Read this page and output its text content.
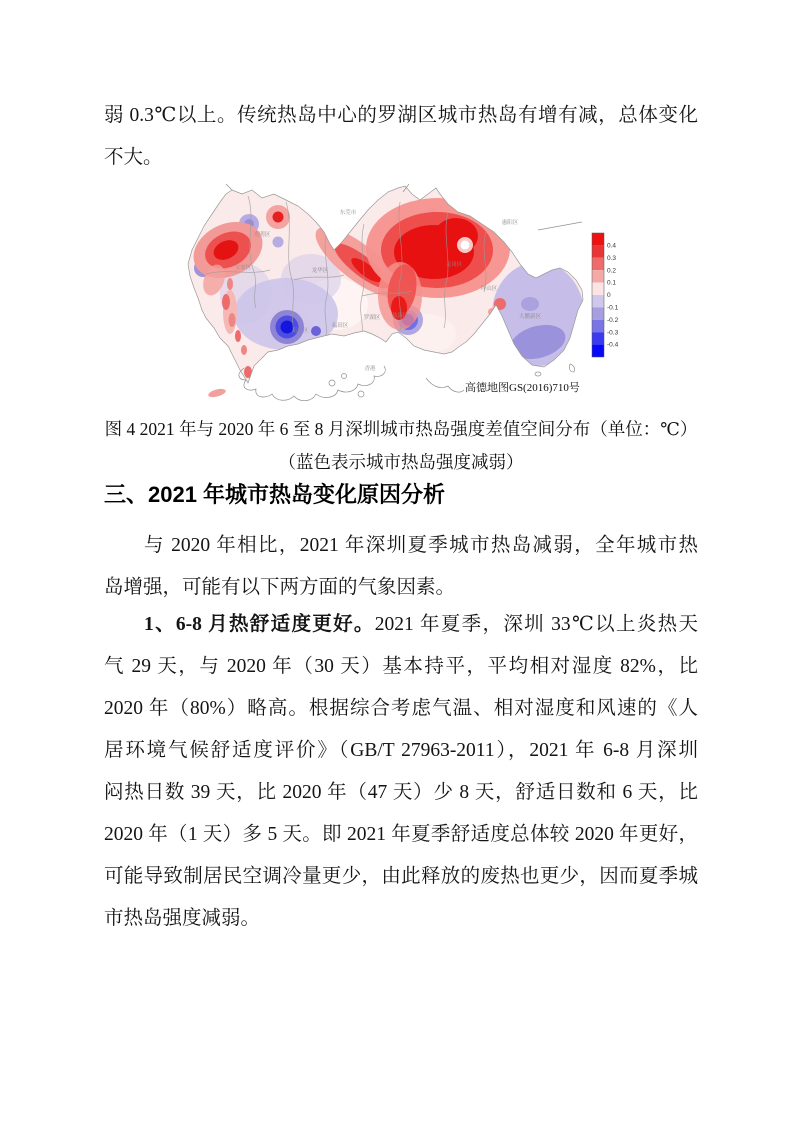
弱 0.3℃以上。传统热岛中心的罗湖区城市热岛有增有减，总体变化
不大。
东莞市
惠阳区
香港
宝安区
光明区
龙华区
龙岗区
坪山区
罗湖区
福田区
南山区
盐田区	大鹏新区
0.4
0.3
0.2
0.1
0
-0.1
-0.2
-0.3
-0.4
高德地图GS(2016)710号
图 4 2021 年与 2020 年 6 至 8 月深圳城市热岛强度差值空间分布（单位：℃）
（蓝色表示城市热岛强度减弱）
三、2021 年城市热岛变化原因分析
与 2020 年相比，2021 年深圳夏季城市热岛减弱，全年城市热
岛增强，可能有以下两方面的气象因素。
1、6-8 月热舒适度更好。2021 年夏季，深圳 33℃以上炎热天
气 29 天，与 2020 年（30 天）基本持平，平均相对湿度 82%，比
2020 年（80%）略高。根据综合考虑气温、相对湿度和风速的《人
居环境气候舒适度评价》（GB/T 27963-2011），2021 年 6-8 月深圳
闷热日数 39 天，比 2020 年（47 天）少 8 天，舒适日数和 6 天，比
2020 年（1 天）多 5 天。即 2021 年夏季舒适度总体较 2020 年更好，
可能导致制居民空调冷量更少，由此释放的废热也更少，因而夏季城
市热岛强度减弱。
